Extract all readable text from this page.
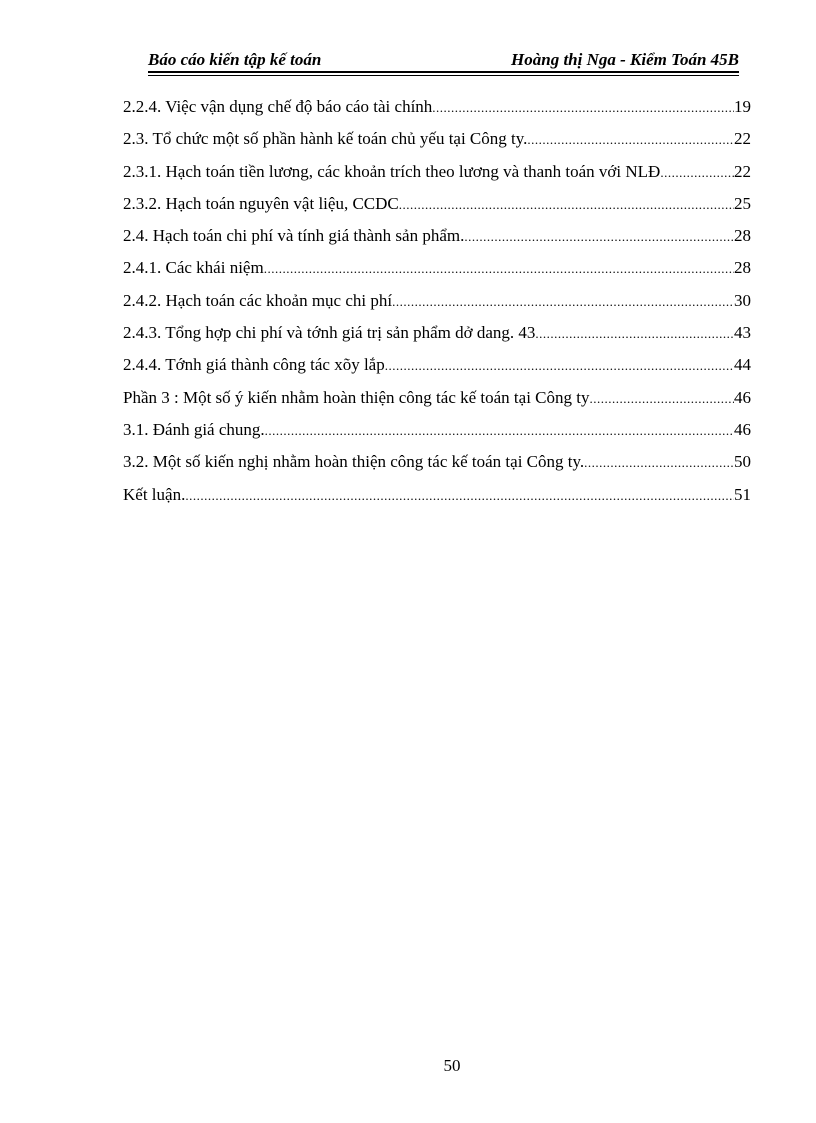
Báo cáo kiến tập kế toán	Hoàng thị Nga - Kiểm Toán 45B
2.2.4. Việc vận dụng chế độ báo cáo tài chính .....	19
2.3. Tổ chức một số phần hành kế toán chủ yếu tại Công ty. .....	22
2.3.1. Hạch toán tiền lương, các khoản trích theo lương và thanh toán với NLĐ .....	22
2.3.2. Hạch toán nguyên vật liệu, CCDC .....	25
2.4. Hạch toán chi phí và tính giá thành sản phẩm. .....	28
2.4.1. Các khái niệm .....	28
2.4.2. Hạch toán các khoản mục chi phí .....	30
2.4.3. Tổng hợp chi phí và tớnh giá trị sản phẩm dở dang. 43 .....	43
2.4.4. Tớnh giá thành công tác xõy lắp .....	44
Phần 3 : Một số ý kiến nhằm hoàn thiện công tác kế toán tại Công ty .....	46
3.1. Đánh giá chung. .....	46
3.2. Một số kiến nghị nhằm hoàn thiện công tác kế toán tại Công ty. .....	50
Kết luận. .....	51
50
